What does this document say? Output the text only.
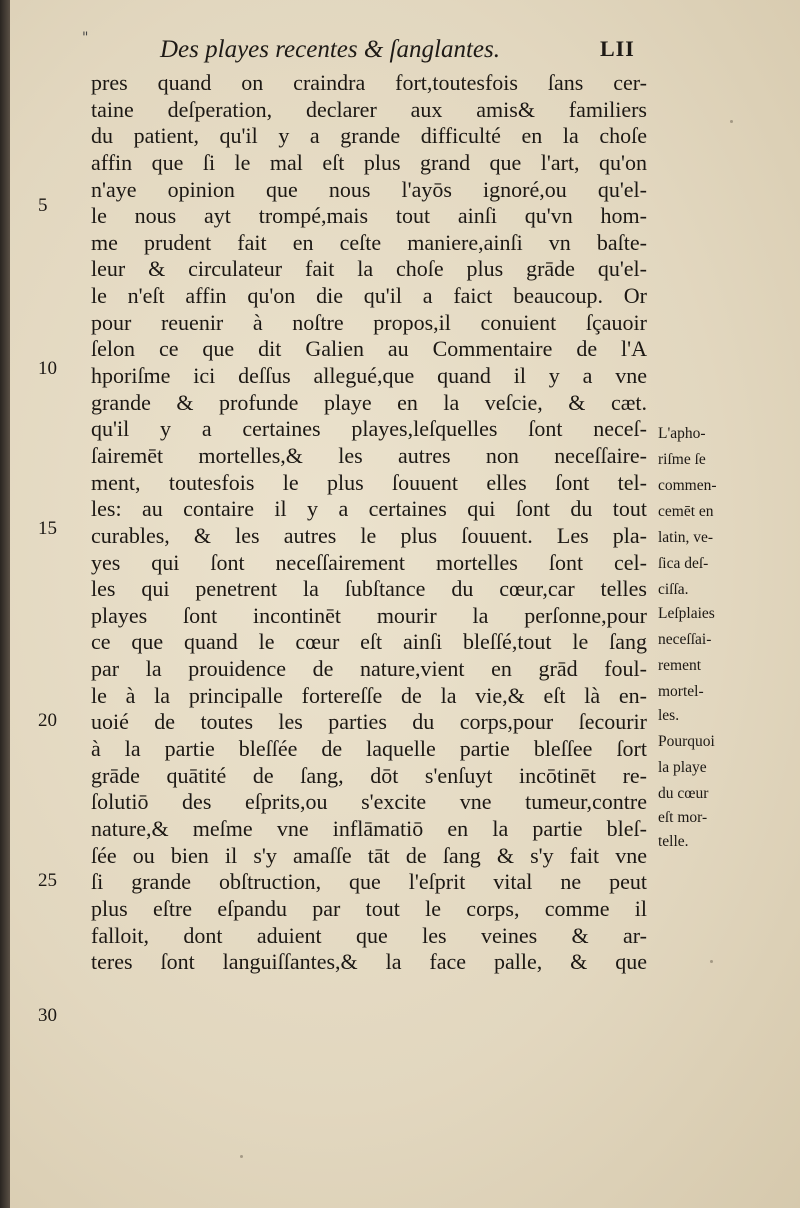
"	Des playes recentes & ſanglantes.	LII
5
10
15
20
25
30
pres quand on craindra fort,toutesfois ſans cer-
taine deſperation, declarer aux amis& familiers
du patient, qu'il y a grande difficulté en la choſe
affin que ſi le mal eſt plus grand que l'art, qu'on
n'aye opinion que nous l'ayōs ignoré,ou qu'el-
le nous ayt trompé,mais tout ainſi qu'vn hom-
me prudent fait en ceſte maniere,ainſi vn baſte-
leur & circulateur fait la choſe plus grāde qu'el-
le n'eſt affin qu'on die qu'il a faict beaucoup. Or
pour reuenir à noſtre propos,il conuient ſçauoir
ſelon ce que dit Galien au Commentaire de l'A
hporiſme ici deſſus allegué,que quand il y a vne
grande & profunde playe en la veſcie, & cæt.
qu'il y a certaines playes,leſquelles ſont neceſ-
ſairemēt mortelles,& les autres non neceſſaire-
ment, toutesfois le plus ſouuent elles ſont tel-
les: au contaire il y a certaines qui ſont du tout
curables, & les autres le plus ſouuent. Les pla-
yes qui ſont neceſſairement mortelles ſont cel-
les qui penetrent la ſubſtance du cœur,car telles
playes ſont incontinēt mourir la perſonne,pour
ce que quand le cœur eſt ainſi bleſſé,tout le ſang
par la prouidence de nature,vient en grād foul-
le à la principalle fortereſſe de la vie,& eſt là en-
uoié de toutes les parties du corps,pour ſecourir
à la partie bleſſée de laquelle partie bleſſee ſort
grāde quātité de ſang, dōt s'enſuyt incōtinēt re-
ſolutiō des eſprits,ou s'excite vne tumeur,contre
nature,& meſme vne inflāmatiō en la partie bleſ-
ſée ou bien il s'y amaſſe tāt de ſang & s'y fait vne
ſi grande obſtruction, que l'eſprit vital ne peut
plus eſtre eſpandu par tout le corps, comme il
falloit, dont aduient que les veines & ar-
teres ſont languiſſantes,& la face palle, & que
L'apho-
riſme ſe
commen-
cemēt en
latin, ve-
ſica deſ-
ciſſa.
Leſplaies
neceſſai-
rement
mortel-
les.
Pourquoi
la playe
du cœur
eſt mor-
telle.
